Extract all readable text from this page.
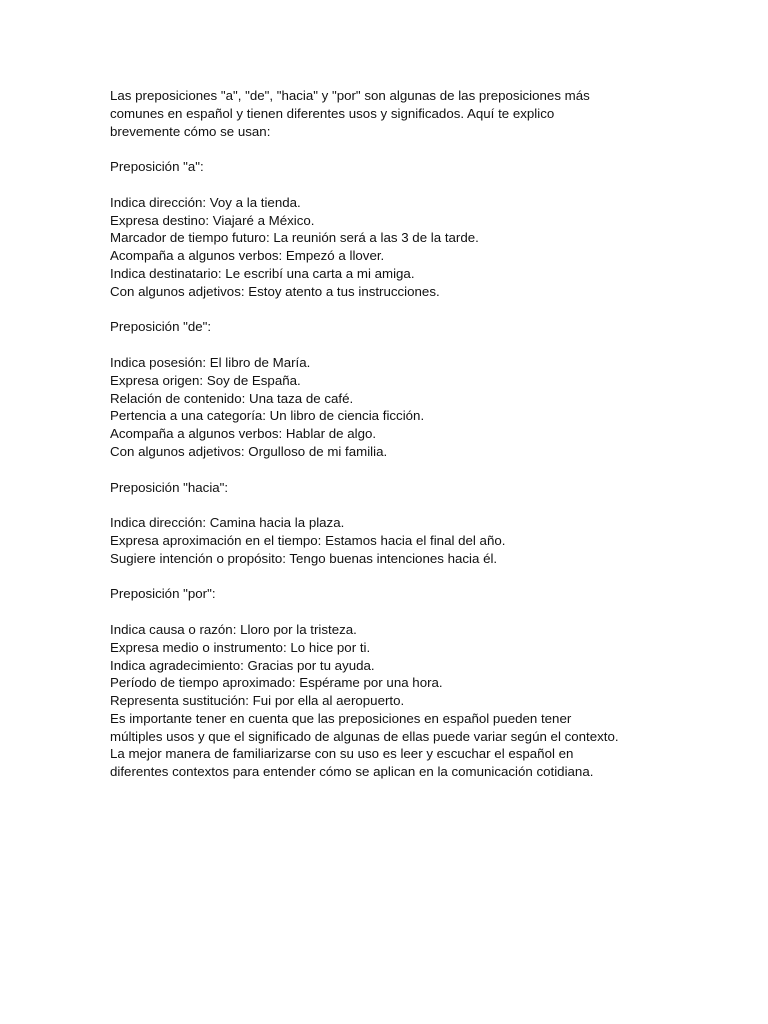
Las preposiciones "a", "de", "hacia" y "por" son algunas de las preposiciones más
comunes en español y tienen diferentes usos y significados. Aquí te explico
brevemente cómo se usan:
Preposición "a":
Indica dirección: Voy a la tienda.
Expresa destino: Viajaré a México.
Marcador de tiempo futuro: La reunión será a las 3 de la tarde.
Acompaña a algunos verbos: Empezó a llover.
Indica destinatario: Le escribí una carta a mi amiga.
Con algunos adjetivos: Estoy atento a tus instrucciones.
Preposición "de":
Indica posesión: El libro de María.
Expresa origen: Soy de España.
Relación de contenido: Una taza de café.
Pertencia a una categoría: Un libro de ciencia ficción.
Acompaña a algunos verbos: Hablar de algo.
Con algunos adjetivos: Orgulloso de mi familia.
Preposición "hacia":
Indica dirección: Camina hacia la plaza.
Expresa aproximación en el tiempo: Estamos hacia el final del año.
Sugiere intención o propósito: Tengo buenas intenciones hacia él.
Preposición "por":
Indica causa o razón: Lloro por la tristeza.
Expresa medio o instrumento: Lo hice por ti.
Indica agradecimiento: Gracias por tu ayuda.
Período de tiempo aproximado: Espérame por una hora.
Representa sustitución: Fui por ella al aeropuerto.
Es importante tener en cuenta que las preposiciones en español pueden tener
múltiples usos y que el significado de algunas de ellas puede variar según el contexto.
La mejor manera de familiarizarse con su uso es leer y escuchar el español en
diferentes contextos para entender cómo se aplican en la comunicación cotidiana.
